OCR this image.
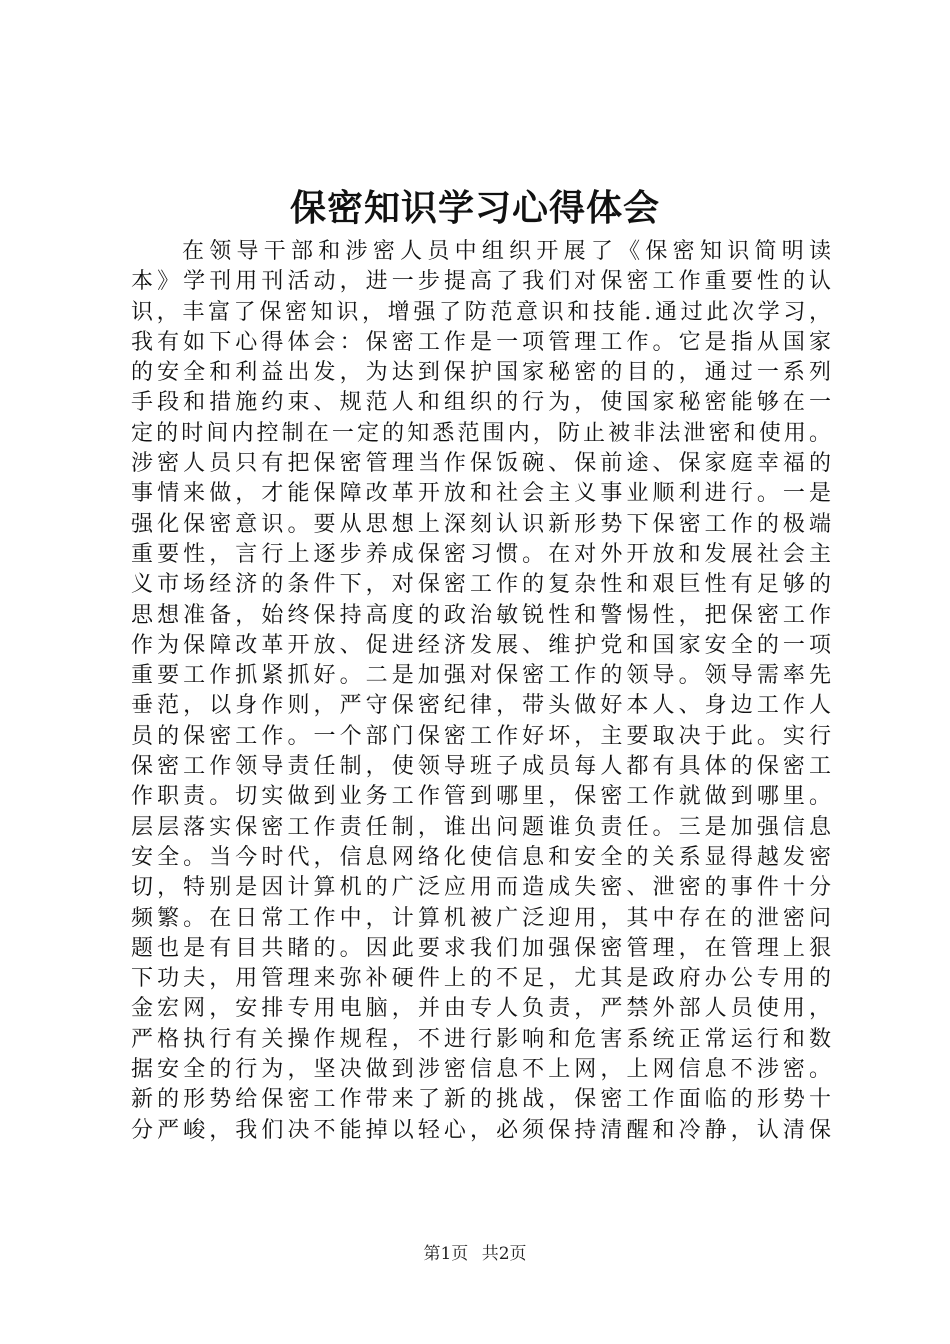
保密知识学习心得体会
在领导干部和涉密人员中组织开展了《保密知识简明读
本》学刊用刊活动，进一步提高了我们对保密工作重要性的认
识，丰富了保密知识，增强了防范意识和技能.通过此次学习，
我有如下心得体会：保密工作是一项管理工作。它是指从国家
的安全和利益出发，为达到保护国家秘密的目的，通过一系列
手段和措施约束、规范人和组织的行为，使国家秘密能够在一
定的时间内控制在一定的知悉范围内，防止被非法泄密和使用。
涉密人员只有把保密管理当作保饭碗、保前途、保家庭幸福的
事情来做，才能保障改革开放和社会主义事业顺利进行。一是
强化保密意识。要从思想上深刻认识新形势下保密工作的极端
重要性，言行上逐步养成保密习惯。在对外开放和发展社会主
义市场经济的条件下，对保密工作的复杂性和艰巨性有足够的
思想准备，始终保持高度的政治敏锐性和警惕性，把保密工作
作为保障改革开放、促进经济发展、维护党和国家安全的一项
重要工作抓紧抓好。二是加强对保密工作的领导。领导需率先
垂范，以身作则，严守保密纪律，带头做好本人、身边工作人
员的保密工作。一个部门保密工作好坏，主要取决于此。实行
保密工作领导责任制，使领导班子成员每人都有具体的保密工
作职责。切实做到业务工作管到哪里，保密工作就做到哪里。
层层落实保密工作责任制，谁出问题谁负责任。三是加强信息
安全。当今时代，信息网络化使信息和安全的关系显得越发密
切，特别是因计算机的广泛应用而造成失密、泄密的事件十分
频繁。在日常工作中，计算机被广泛迎用，其中存在的泄密问
题也是有目共睹的。因此要求我们加强保密管理，在管理上狠
下功夫，用管理来弥补硬件上的不足，尤其是政府办公专用的
金宏网，安排专用电脑，并由专人负责，严禁外部人员使用，
严格执行有关操作规程，不进行影响和危害系统正常运行和数
据安全的行为，坚决做到涉密信息不上网，上网信息不涉密。
新的形势给保密工作带来了新的挑战，保密工作面临的形势十
分严峻，我们决不能掉以轻心，必须保持清醒和冷静，认清保
第1页 共2页
